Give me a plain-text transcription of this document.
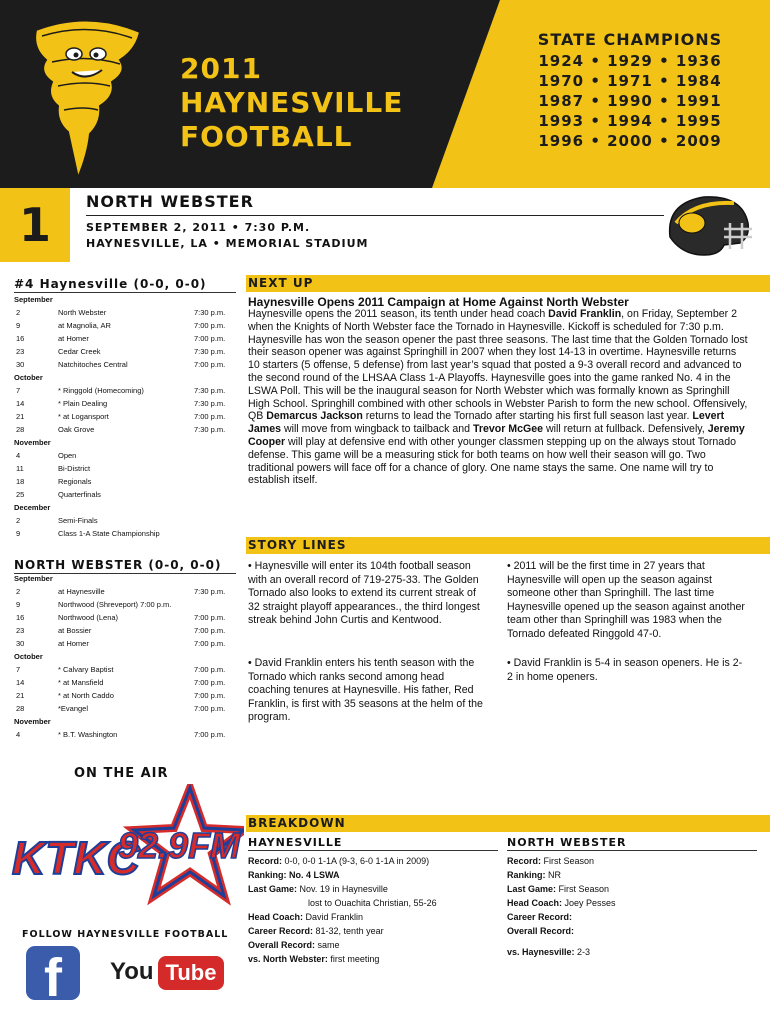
2011
HAYNESVILLE
FOOTBALL
STATE CHAMPIONS
1924 • 1929 • 1936
1970 • 1971 • 1984
1987 • 1990 • 1991
1993 • 1994 • 1995
1996 • 2000 • 2009
1	NORTH WEBSTER
SEPTEMBER 2, 2011 • 7:30 P.M.
HAYNESVILLE, LA • MEMORIAL STADIUM
#4 Haynesville (0-0, 0-0)
September
2	North Webster	7:30 p.m.
9	at Magnolia, AR	7:00 p.m.
16	at Homer	7:00 p.m.
23	Cedar Creek	7:30 p.m.
30	Natchitoches Central	7:00 p.m.
October
7	* Ringgold (Homecoming)	7:30 p.m.
14	* Plain Dealing	7:30 p.m.
21	* at Logansport	7:00 p.m.
28	Oak Grove	7:30 p.m.
November
4	Open
11	Bi-District
18	Regionals
25	Quarterfinals
December
2	Semi-Finals
9	Class 1-A State Championship
NORTH WEBSTER (0-0, 0-0)
September
2	at Haynesville	7:30 p.m.
9	Northwood (Shreveport) 7:00 p.m.
16	Northwood (Lena)	7:00 p.m.
23	at Bossier	7:00 p.m.
30	at Homer	7:00 p.m.
October
7	* Calvary Baptist	7:00 p.m.
14	* at Mansfield	7:00 p.m.
21	* at North Caddo	7:00 p.m.
28	*Evangel	7:00 p.m.
November
4	* B.T. Washington	7:00 p.m.
NEXT UP
Haynesville Opens 2011 Campaign at Home Against North Webster
Haynesville opens the 2011 season, its tenth under head coach David Franklin, on Friday, September 2 when the Knights of North Webster face the Tornado in Haynesville. Kickoff is scheduled for 7:30 p.m. Haynesville has won the season opener the past three seasons. The last time that the Golden Tornado lost their season opener was against Springhill in 2007 when they lost 14-13 in overtime. Haynesville returns 10 starters (5 offense, 5 defense) from last year’s squad that posted a 9-3 overall record and advanced to the second round of the LHSAA Class 1-A Playoffs. Haynesville goes into the game ranked No. 4 in the LSWA Poll. This will be the inaugural season for North Webster which was formally known as Springhill High School. Springhill combined with other schools in Webster Parish to form the new school. Offensively, QB Demarcus Jackson returns to lead the Tornado after starting his first full season last year. Levert James will move from wingback to tailback and Trevor McGee will return at fullback. Defensively, Jeremy Cooper will play at defensive end with other younger classmen stepping up on the always stout Tornado defense. This game will be a measuring stick for both teams on how well their season will go. Two traditional powers will face off for a chance of glory. One name stays the same. One name will try to establish itself.
STORY LINES
• Haynesville will enter its 104th football season with an overall record of 719-275-33. The Golden Tornado also looks to extend its current streak of 32 straight playoff appearances., the third longest streak behind John Curtis and Kentwood.
• David Franklin enters his tenth season with the Tornado which ranks second among head coaching tenures at Haynesville. His father, Red Franklin, is first with 35 seasons at the helm of the program.
• 2011 will be the first time in 27 years that Haynesville will open up the season against someone other than Springhill. The last time Haynesville opened up the season against another team other than Springhill was 1983 when the Tornado defeated Ringgold 47-0.
• David Franklin is 5-4 in season openers. He is 2-2 in home openers.
ON THE AIR
KTKC
92.9FM
FOLLOW HAYNESVILLE FOOTBALL
f You Tube
BREAKDOWN
HAYNESVILLE
Record: 0-0, 0-0 1-1A (9-3, 6-0 1-1A in 2009)
Ranking: No. 4 LSWA
Last Game: Nov. 19 in Haynesville
lost to Ouachita Christian, 55-26
Head Coach: David Franklin
Career Record: 81-32, tenth year
Overall Record: same
vs. North Webster: first meeting
NORTH WEBSTER
Record: First Season
Ranking: NR
Last Game: First Season
Head Coach: Joey Pesses
Career Record:
Overall Record:
vs. Haynesville: 2-3
